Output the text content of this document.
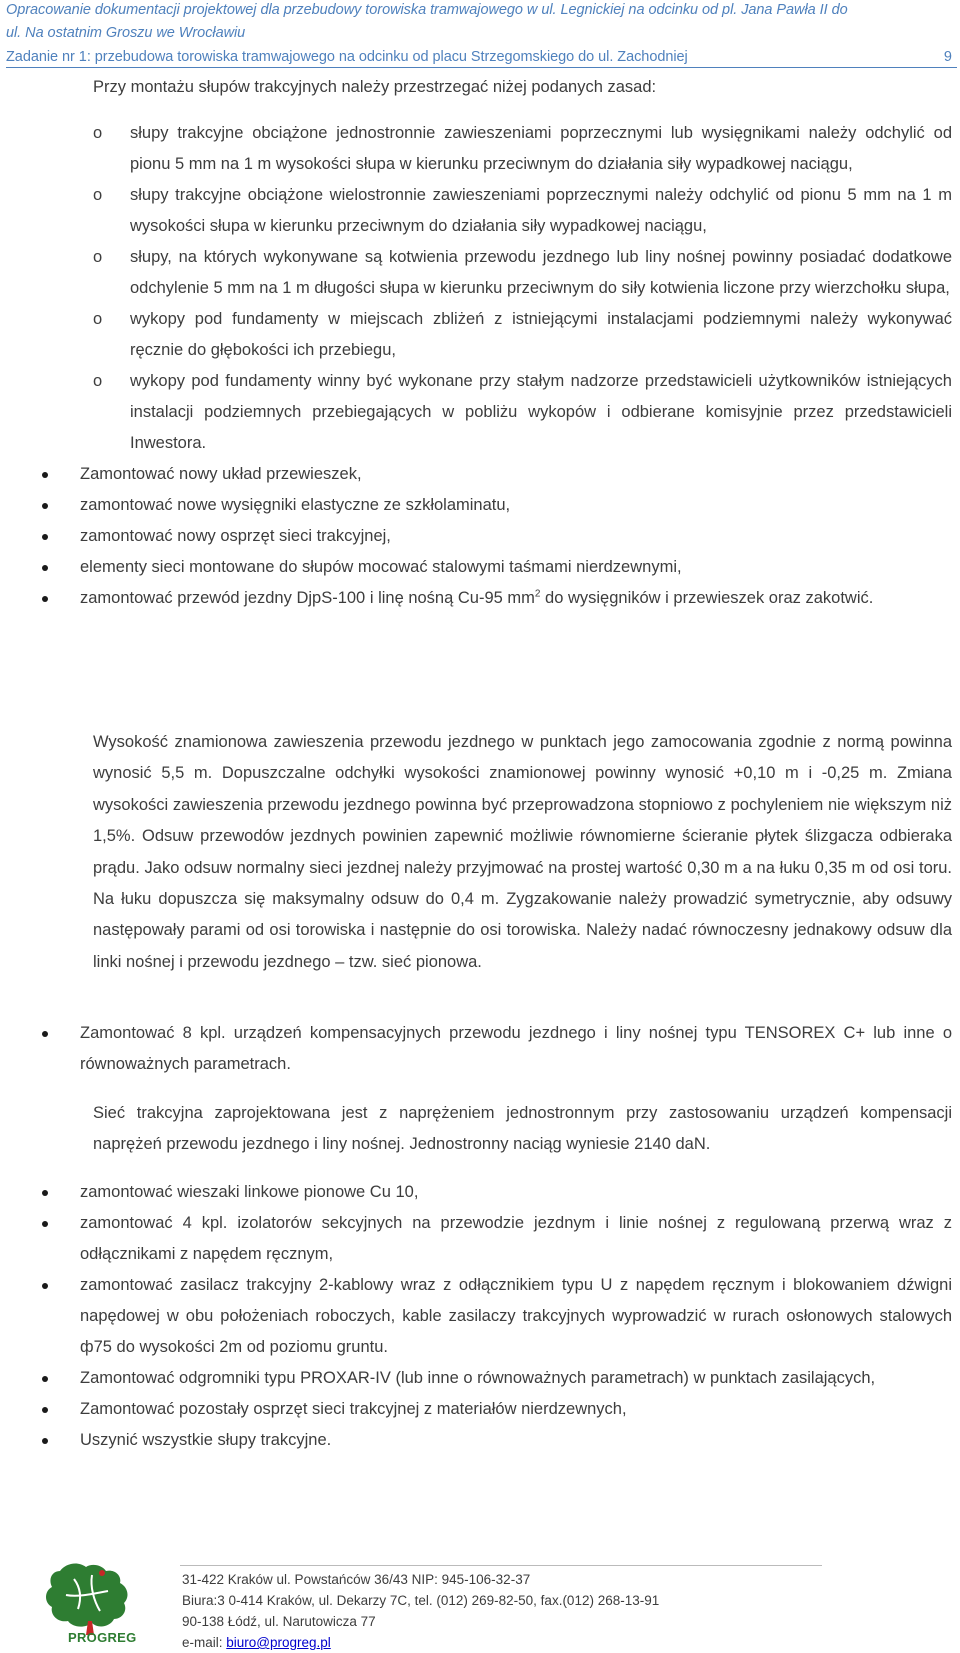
Opracowanie dokumentacji projektowej dla przebudowy torowiska tramwajowego w ul. Legnickiej na odcinku od pl. Jana Pawła II do
ul. Na ostatnim Groszu we Wrocławiu
Zadanie nr 1: przebudowa torowiska tramwajowego na odcinku od placu Strzegomskiego do ul. Zachodniej	9
Przy montażu słupów trakcyjnych należy przestrzegać niżej podanych zasad:
o słupy trakcyjne obciążone jednostronnie zawieszeniami poprzecznymi lub wysięgnikami należy odchylić od pionu 5 mm na 1 m wysokości słupa w kierunku przeciwnym do działania siły wypadkowej naciągu,
o słupy trakcyjne obciążone wielostronnie zawieszeniami poprzecznymi należy odchylić od pionu 5 mm na 1 m wysokości słupa w kierunku przeciwnym do działania siły wypadkowej naciągu,
o słupy, na których wykonywane są kotwienia przewodu jezdnego lub liny nośnej powinny posiadać dodatkowe odchylenie 5 mm na 1 m długości słupa w kierunku przeciwnym do siły kotwienia liczone przy wierzchołku słupa,
o wykopy pod fundamenty w miejscach zbliżeń z istniejącymi instalacjami podziemnymi należy wykonywać ręcznie do głębokości ich przebiegu,
o wykopy pod fundamenty winny być wykonane przy stałym nadzorze przedstawicieli użytkowników istniejących instalacji podziemnych przebiegających w pobliżu wykopów i odbierane komisyjnie przez przedstawicieli Inwestora.
Zamontować nowy układ przewieszek,
zamontować nowe wysięgniki elastyczne ze szkłolaminatu,
zamontować nowy osprzęt sieci trakcyjnej,
elementy sieci montowane do słupów mocować stalowymi taśmami nierdzewnymi,
zamontować przewód jezdny DjpS-100 i linę nośną Cu-95 $mm^2$ do wysięgników i przewieszek oraz zakotwić.
Wysokość znamionowa zawieszenia przewodu jezdnego w punktach jego zamocowania zgodnie z normą powinna wynosić 5,5 m. Dopuszczalne odchyłki wysokości znamionowej powinny wynosić +0,10 m i -0,25 m. Zmiana wysokości zawieszenia przewodu jezdnego powinna być przeprowadzona stopniowo z pochyleniem nie większym niż 1,5%. Odsuw przewodów jezdnych powinien zapewnić możliwie równomierne ścieranie płytek ślizgacza odbieraka prądu. Jako odsuw normalny sieci jezdnej należy przyjmować na prostej wartość 0,30 m a na łuku 0,35 m od osi toru. Na łuku dopuszcza się maksymalny odsuw do 0,4 m. Zygzakowanie należy prowadzić symetrycznie, aby odsuwy następowały parami od osi torowiska i następnie do osi torowiska. Należy nadać równoczesny jednakowy odsuw dla linki nośnej i przewodu jezdnego – tzw. sieć pionowa.
Zamontować 8 kpl. urządzeń kompensacyjnych przewodu jezdnego i liny nośnej typu TENSOREX C+ lub inne o równoważnych parametrach.
Sieć trakcyjna zaprojektowana jest z naprężeniem jednostronnym przy zastosowaniu urządzeń kompensacji naprężeń przewodu jezdnego i liny nośnej. Jednostronny naciąg wyniesie 2140 daN.
zamontować wieszaki linkowe pionowe Cu 10,
zamontować 4 kpl. izolatorów sekcyjnych na przewodzie jezdnym i linie nośnej z regulowaną przerwą wraz z odłącznikami z napędem ręcznym,
zamontować zasilacz trakcyjny 2-kablowy wraz z odłącznikiem typu U z napędem ręcznym i blokowaniem dźwigni napędowej w obu położeniach roboczych, kable zasilaczy trakcyjnych wyprowadzić w rurach osłonowych stalowych ф75 do wysokości 2m od poziomu gruntu.
Zamontować odgromniki typu PROXAR-IV (lub inne o równoważnych parametrach) w punktach zasilających,
Zamontować pozostały osprzęt sieci trakcyjnej z materiałów nierdzewnych,
Uszynić wszystkie słupy trakcyjne.
PROGREG
31-422 Kraków ul. Powstańców 36/43 NIP: 945-106-32-37
Biura:3 0-414 Kraków, ul. Dekarzy 7C, tel. (012) 269-82-50, fax.(012) 268-13-91
90-138 Łódź, ul. Narutowicza 77
e-mail: biuro@progreg.pl
